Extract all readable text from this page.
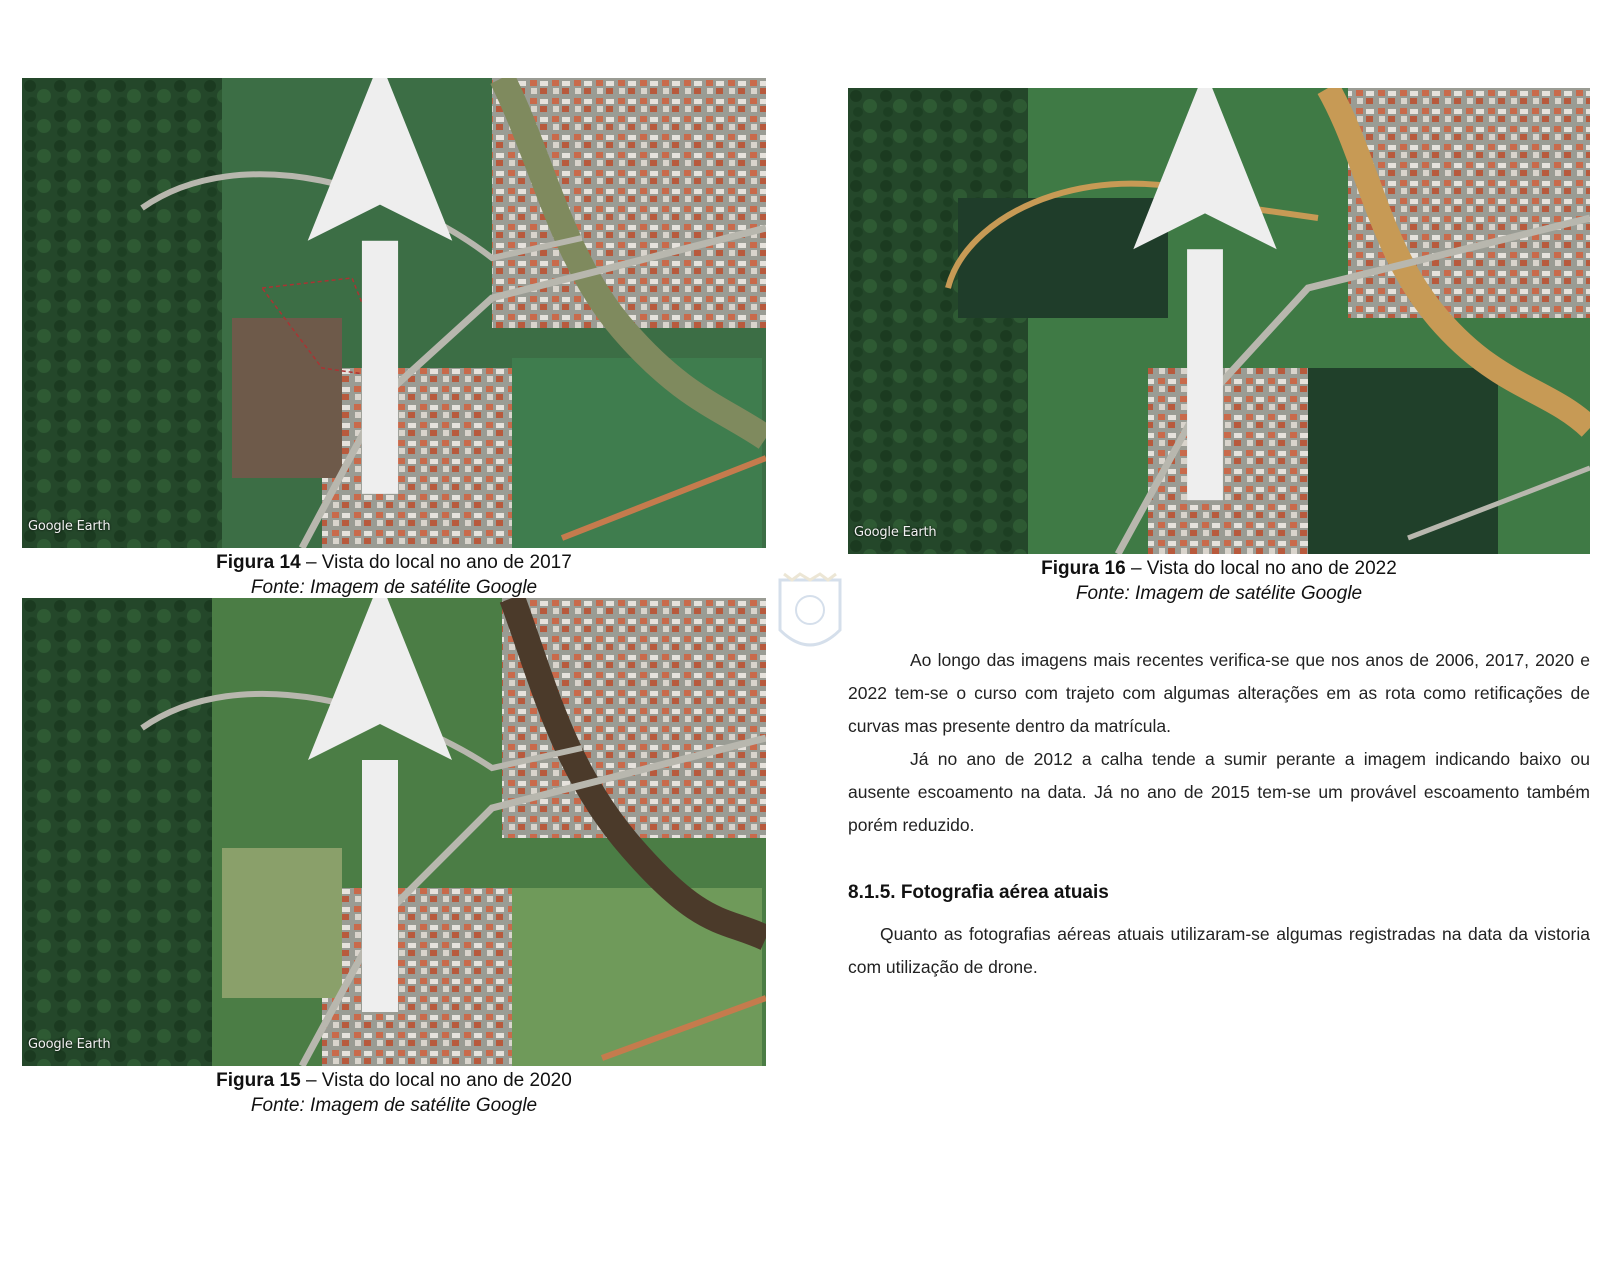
Google Earth
Figura 14 – Vista do local no ano de 2017
Fonte: Imagem de satélite Google
Google Earth
Figura 15 – Vista do local no ano de 2020
Fonte: Imagem de satélite Google
Google Earth
Figura 16 – Vista do local no ano de 2022
Fonte: Imagem de satélite Google

Ao longo das imagens mais recentes verifica-se que nos anos de 2006, 2017, 2020 e 2022 tem-se o curso com trajeto com algumas alterações em as rota como retificações de curvas mas presente dentro da matrícula.

Já no ano de 2012 a calha tende a sumir perante a imagem indicando baixo ou ausente escoamento na data. Já no ano de 2015 tem-se um provável escoamento também porém reduzido.

8.1.5. Fotografia aérea atuais

Quanto as fotografias aéreas atuais utilizaram-se algumas registradas na data da vistoria com utilização de drone.
